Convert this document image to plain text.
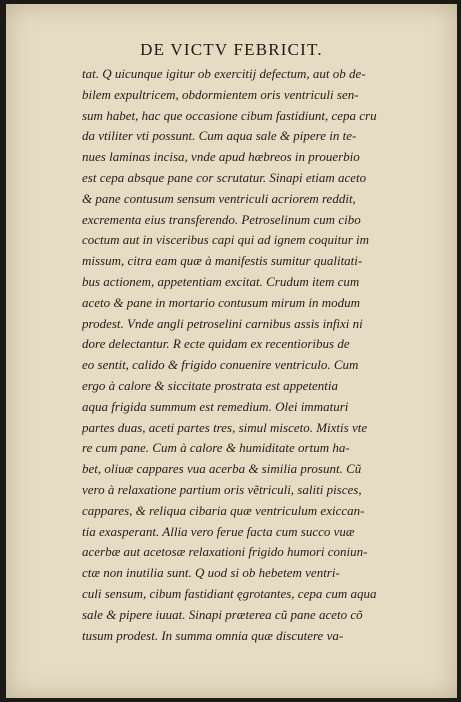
DE VICTV FEBRICIT.
tat. Q uicunque igitur ob exercitij defectum, aut ob de-
bilem expultricem, obdormientem oris ventriculi sen-
sum habet, hac que occasione cibum fastidiunt, cepa cru
da vtiliter vti possunt. Cum aqua sale & pipere in te-
nues laminas incisa, vnde apud hæbreos in prouerbio
est cepa absque pane cor scrutatur. Sinapi etiam aceto
& pane contusum sensum ventriculi acriorem reddit,
excrementa eius transferendo. Petroselinum cum cibo
coctum aut in visceribus capi qui ad ignem coquitur im
missum, citra eam quæ à manifestis sumitur qualitati-
bus actionem, appetentiam excitat. Crudum item cum
aceto & pane in mortario contusum mirum in modum
prodest. Vnde angli petroselini carnibus assis infixi ni
dore delectantur. R ecte quidam ex recentioribus de
eo sentit, calido & frigido conuenire ventriculo. Cum
ergo à calore & siccitate prostrata est appetentia
aqua frigida summum est remedium. Olei immaturi
partes duas, aceti partes tres, simul misceto. Mixtis vte
re cum pane. Cum à calore & humiditate ortum ha-
bet, oliuæ cappares vua acerba & similia prosunt. Cũ
vero à relaxatione partium oris vẽtriculi, saliti pisces,
cappares, & reliqua cibaria quæ ventriculum exiccan-
tia exasperant. Allia vero ferue facta cum succo vuæ
acerbæ aut acetosæ relaxationi frigido humori coniun-
ctæ non inutilia sunt. Q uod si ob hebetem ventri-
culi sensum, cibum fastidiant ęgrotantes, cepa cum aqua
sale & pipere iuuat. Sinapi præterea cũ pane aceto cõ
tusum prodest. In summa omnia quæ discutere va-
